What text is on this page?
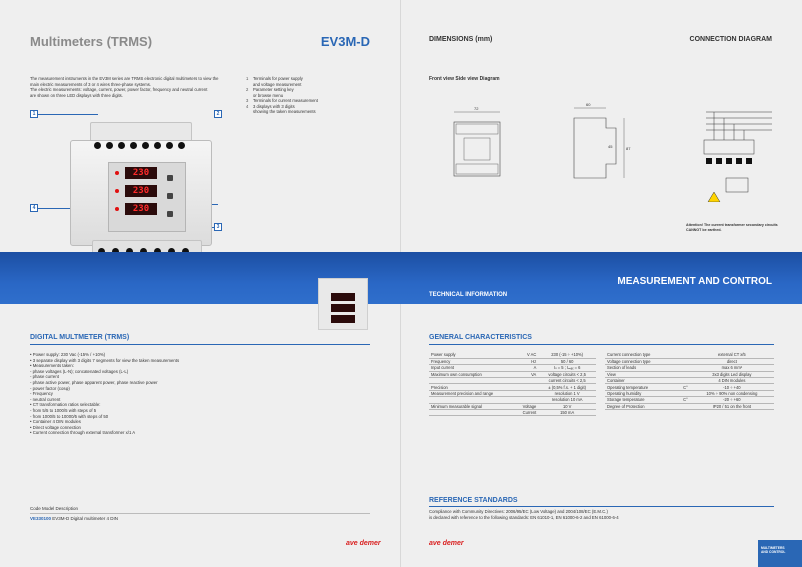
Multimeters (TRMS)	EV3M-D

The measurement instruments in the EV3M series are TRMS electronic digital multimeters to view the

main electric measurements of 3 or 4 wires three-phase systems.

The electric measurements: voltage, current, power, power factor, frequency and neutral current

are shown on three LED displays with three digits.

1	Terminals for power supply
and voltage measurement
2	Parameter setting key
or browse menu
3	Terminals for current measurement
4	3 displays with 3 digits
showing the taken measurements
1	2
3
4
230
230
230
DIMENSIONS (mm)	CONNECTION DIAGRAM
Front view Side view Diagram
72
60
87
45
Attention! The current transformer secondary circuits CANNOT be earthed.
MEASUREMENT AND CONTROL
TECHNICAL INFORMATION
DIGITAL MULTMETER (TRMS)
• Power supply: 230 Vac (-15% / +10%)
• 3 separate display with 3 digits 7 segments for view the taken measurements
• Measurements taken:
- phase voltages (L-N); concatenated voltages (L-L)
- phase current
- phase active power, phase apparent power, phase reactive power
- power factor (cosφ)
- Frequency
- neutral current
• CT transformation ratios selectable:
- from 5/5 to 1000/5 with steps of 5
- from 1000/5 to 10000/5 with steps of 50
• Container 4 DIN modules
• Direct voltage connection
• Current connection through external transformer x/1 A
Code Model Description
VE330100 EV3M-D Digital multimeter 4 DIN
ave demer
GENERAL CHARACTERISTICS
Power supply	V AC	230 (-15 ÷ +10%)
Frequency	Hz	50 / 60
Input current	A	Iₙ = 5 ; Iₘₐₓ = 6
Maximum own consumption	VA	voltage circuits < 2,5
		current circuits < 2,5
Precision		± (0,5% f.s. + 1 digit)
Measurement precision and range		resolution 1 V
		resolution 10 mA
Minimum measurable signal	Voltage	10 V
	Current	150 mA
Current connection type		external CT x/5
Voltage connection type		direct
Section of leads		max 6 mm²
View		3x3 digits Led display
Container		4 DIN modules
Operating temperature	C°	-10 ÷ +40
Operating humidity		10% ÷ 90% non condensing
Storage temperature	C°	-20 ÷ +60
Degree of Protection		IP20 / 51 on the front
REFERENCE STANDARDS
Compliance with Community Directives: 2006/95/EC (Low Voltage) and 2004/108/EC (E.M.C.)
is declared with reference to the following standards: EN 61010-1, EN 61000-6-2 and EN 61000-6-4
ave demer
MULTIMETERS
AND CONTROL
